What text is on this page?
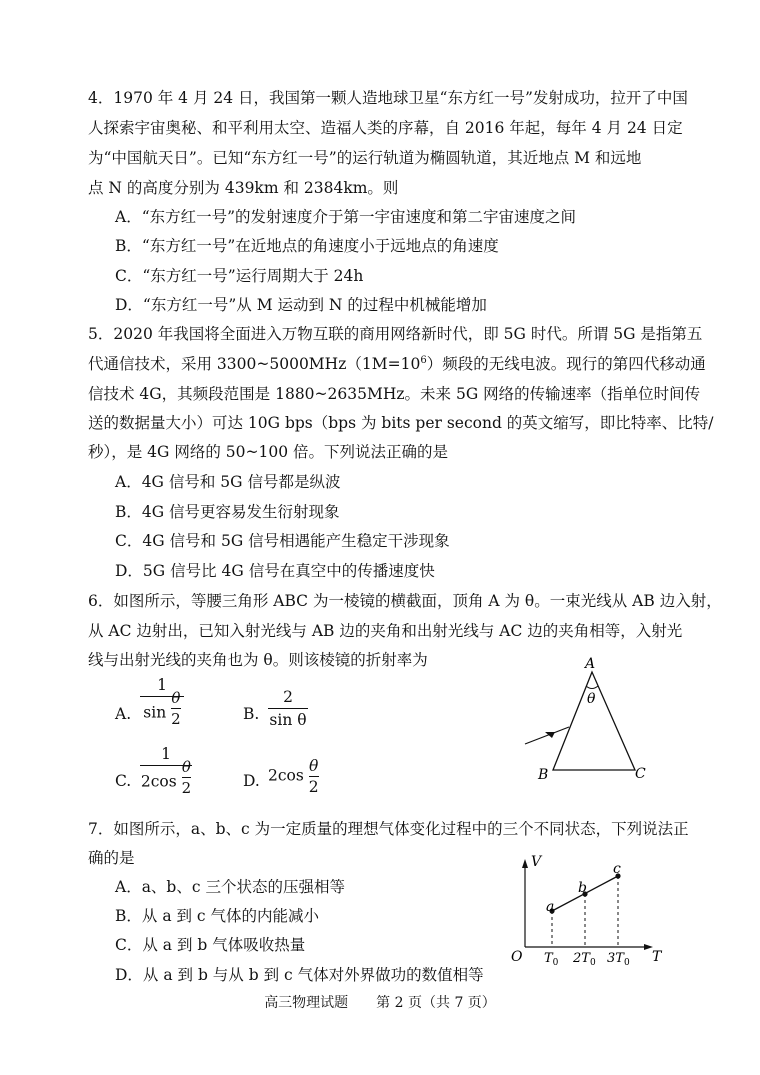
4．1970 年 4 月 24 日，我国第一颗人造地球卫星“东方红一号”发射成功，拉开了中国
人探索宇宙奥秘、和平利用太空、造福人类的序幕，自 2016 年起，每年 4 月 24 日定
为“中国航天日”。已知“东方红一号”的运行轨道为椭圆轨道，其近地点 M 和远地
点 N 的高度分别为 439km 和 2384km。则
A．“东方红一号”的发射速度介于第一宇宙速度和第二宇宙速度之间
B．“东方红一号”在近地点的角速度小于远地点的角速度
C．“东方红一号”运行周期大于 24h
D．“东方红一号”从 M 运动到 N 的过程中机械能增加
5．2020 年我国将全面进入万物互联的商用网络新时代，即 5G 时代。所谓 5G 是指第五
代通信技术，采用 $3300\sim 5000MHz(1M=10^6)$频段的无线电波。现行的第四代移动通
信技术 4G，其频段范围是 1880~2635MHz。未来 5G 网络的传输速率（指单位时间传
送的数据量大小）可达 10G bps（bps 为 bits per second 的英文缩写，即比特率、比特/
秒），是 4G 网络的 50~100 倍。下列说法正确的是
A．4G 信号和 5G 信号都是纵波
B．4G 信号更容易发生衍射现象
C．4G 信号和 5G 信号相遇能产生稳定干涉现象
D．5G 信号比 4G 信号在真空中的传播速度快
6．如图所示，等腰三角形 ABC 为一棱镜的横截面，顶角 A 为 θ。一束光线从 AB 边入射，
从 AC 边射出，已知入射光线与 AB 边的夹角和出射光线与 AC 边的夹角相等，入射光
线与出射光线的夹角也为 θ。则该棱镜的折射率为
A.
1
$\sin \frac{\theta}{2}$	B.
2
sin θ
C.
1
$2\cos \frac{\theta}{2}$	D. $2\cos \frac{\theta}{2}$
A
θ
B	C
7．如图所示，a、b、c 为一定质量的理想气体变化过程中的三个不同状态，下列说法正
确的是
A．a、b、c 三个状态的压强相等
B．从 a 到 c 气体的内能减小
C．从 a 到 b 气体吸收热量
D．从 a 到 b 与从 b 到 c 气体对外界做功的数值相等
V
T
O
a
b
c
$T_0$ $2T_0$ $3T_0$
高三物理试题　　第 2 页（共 7 页）
